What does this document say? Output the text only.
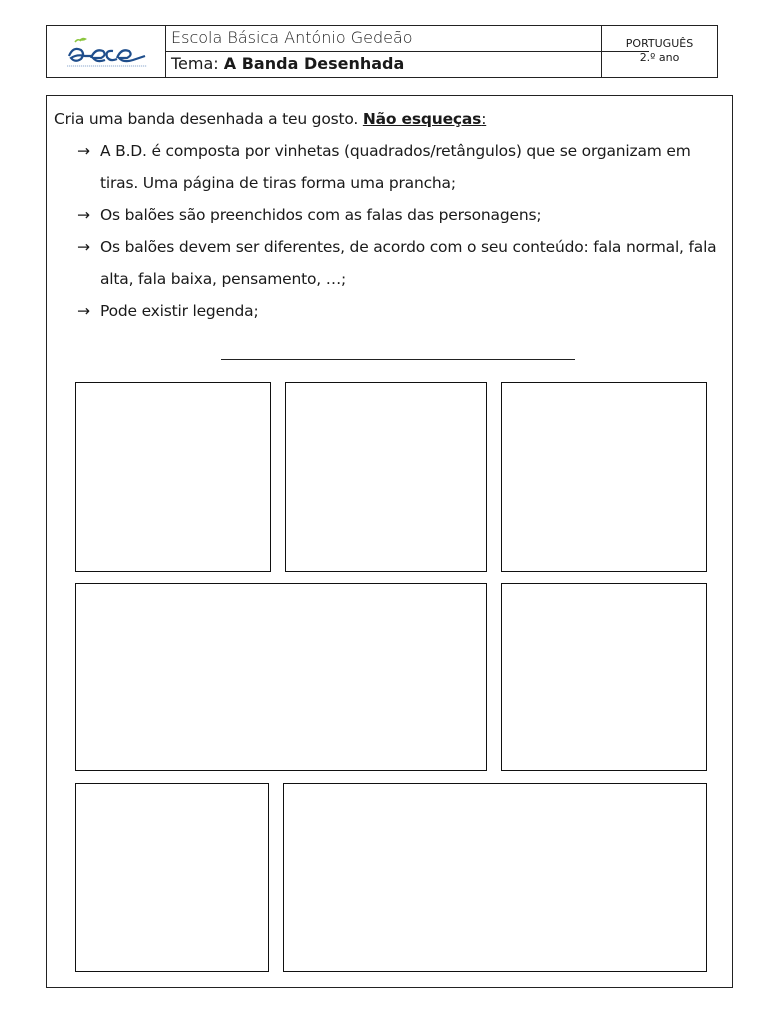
Escola Básica António Gedeão
Tema: A Banda Desenhada
PORTUGUÊS
2.º ano
Cria uma banda desenhada a teu gosto. Não esqueças:
→ A B.D. é composta por vinhetas (quadrados/retângulos) que se organizam em tiras. Uma página de tiras forma uma prancha;
→ Os balões são preenchidos com as falas das personagens;
→ Os balões devem ser diferentes, de acordo com o seu conteúdo: fala normal, fala alta, fala baixa, pensamento, …;
→ Pode existir legenda;
